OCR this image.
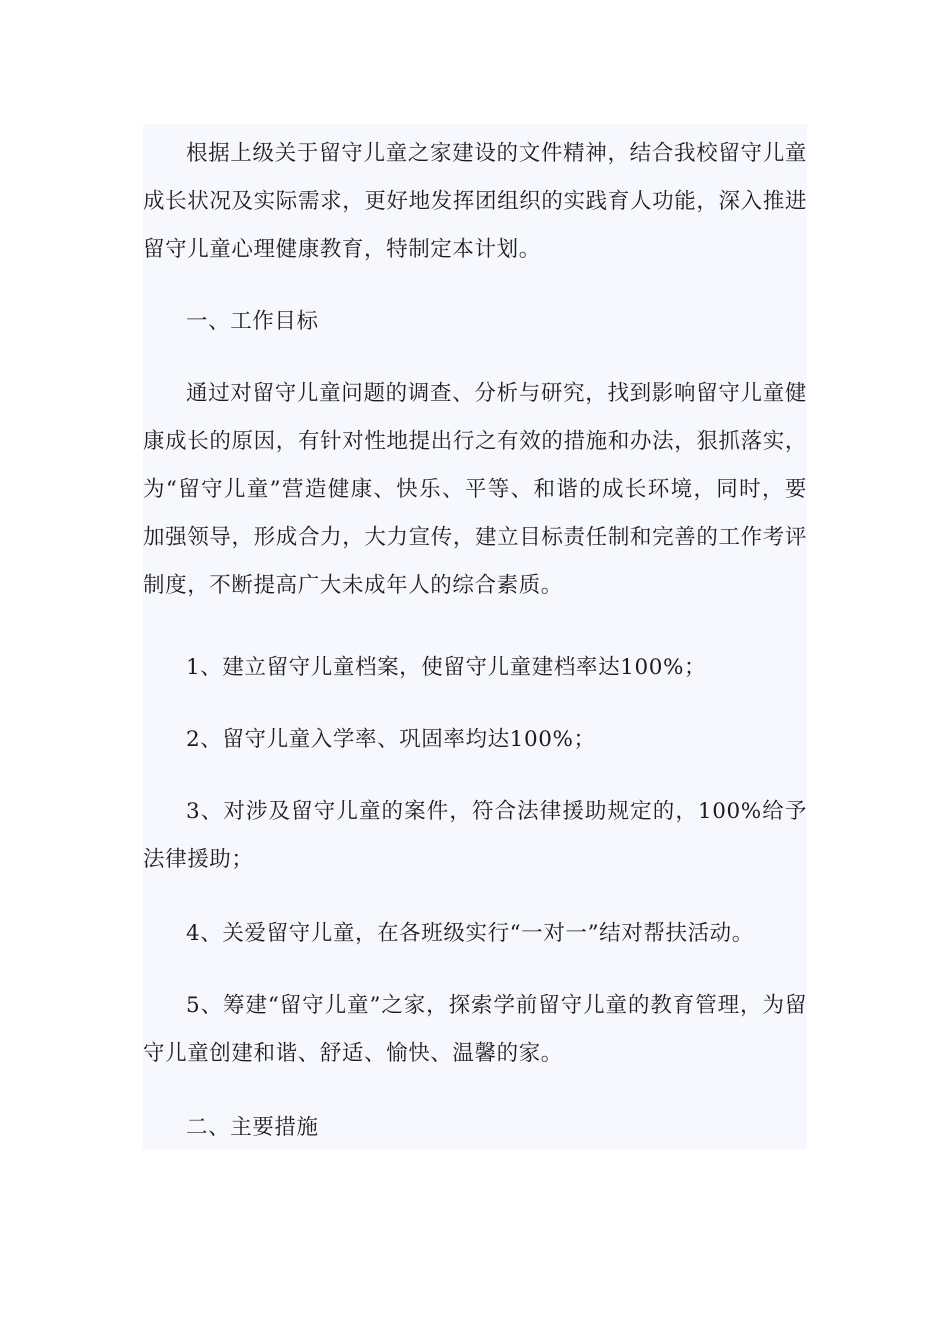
根据上级关于留守儿童之家建设的文件精神，结合我校留守儿童成长状况及实际需求，更好地发挥团组织的实践育人功能，深入推进留守儿童心理健康教育，特制定本计划。

一、工作目标

通过对留守儿童问题的调查、分析与研究，找到影响留守儿童健康成长的原因，有针对性地提出行之有效的措施和办法，狠抓落实，为“留守儿童”营造健康、快乐、平等、和谐的成长环境，同时，要加强领导，形成合力，大力宣传，建立目标责任制和完善的工作考评制度，不断提高广大未成年人的综合素质。

1、建立留守儿童档案，使留守儿童建档率达100%；

2、留守儿童入学率、巩固率均达100%；

3、对涉及留守儿童的案件，符合法律援助规定的，100%给予法律援助；

4、关爱留守儿童，在各班级实行“一对一”结对帮扶活动。

5、筹建“留守儿童”之家，探索学前留守儿童的教育管理，为留守儿童创建和谐、舒适、愉快、温馨的家。

二、主要措施
